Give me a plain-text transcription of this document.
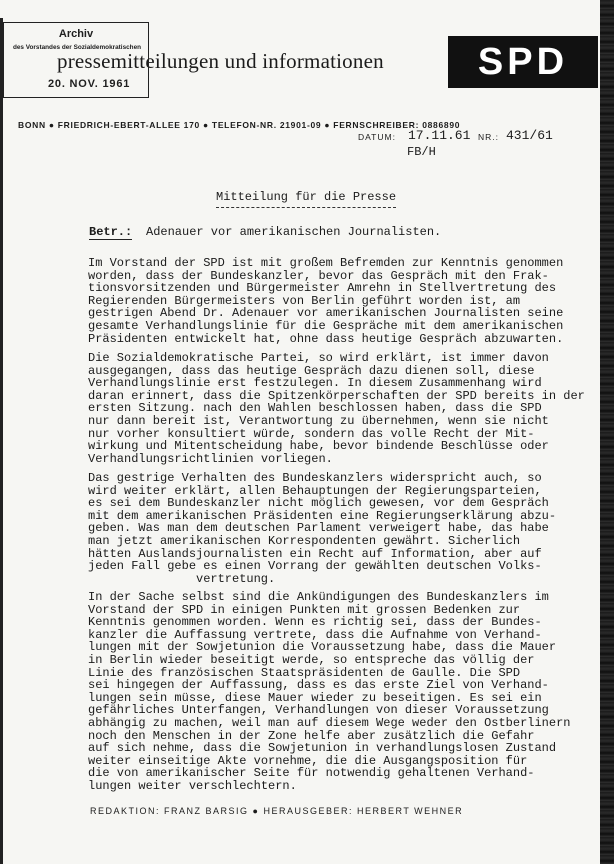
Archiv
des Vorstandes der Sozialdemokratischen
20. NOV. 1961
pressemitteilungen und informationen SPD
BONN ● FRIEDRICH-EBERT-ALLEE 170 ● TELEFON-NR. 21901-09 ● FERNSCHREIBER: 0886890
DATUM: 17.11.61 NR.: 431/61
FB/H
Mitteilung für die Presse
Betr.: Adenauer vor amerikanischen Journalisten.
Im Vorstand der SPD ist mit großem Befremden zur Kenntnis genommen
worden, dass der Bundeskanzler, bevor das Gespräch mit den Frak-
tionsvorsitzenden und Bürgermeister Amrehn in Stellvertretung des
Regierenden Bürgermeisters von Berlin geführt worden ist, am
gestrigen Abend Dr. Adenauer vor amerikanischen Journalisten seine
gesamte Verhandlungslinie für die Gespräche mit dem amerikanischen
Präsidenten entwickelt hat, ohne dass heutige Gespräch abzuwarten.
Die Sozialdemokratische Partei, so wird erklärt, ist immer davon
ausgegangen, dass das heutige Gespräch dazu dienen soll, diese
Verhandlungslinie erst festzulegen. In diesem Zusammenhang wird
daran erinnert, dass die Spitzenkörperschaften der SPD bereits in der
ersten Sitzung. nach den Wahlen beschlossen haben, dass die SPD
nur dann bereit ist, Verantwortung zu übernehmen, wenn sie nicht
nur vorher konsultiert würde, sondern das volle Recht der Mit-
wirkung und Mitentscheidung habe, bevor bindende Beschlüsse oder
Verhandlungsrichtlinien vorliegen.
Das gestrige Verhalten des Bundeskanzlers widerspricht auch, so
wird weiter erklärt, allen Behauptungen der Regierungsparteien,
es sei dem Bundeskanzler nicht möglich gewesen, vor dem Gespräch
mit dem amerikanischen Präsidenten eine Regierungserklärung abzu-
geben. Was man dem deutschen Parlament verweigert habe, das habe
man jetzt amerikanischen Korrespondenten gewährt. Sicherlich
hätten Auslandsjournalisten ein Recht auf Information, aber auf
jeden Fall gebe es einen Vorrang der gewählten deutschen Volks-
vertretung.
In der Sache selbst sind die Ankündigungen des Bundeskanzlers im
Vorstand der SPD in einigen Punkten mit grossen Bedenken zur
Kenntnis genommen worden. Wenn es richtig sei, dass der Bundes-
kanzler die Auffassung vertrete, dass die Aufnahme von Verhand-
lungen mit der Sowjetunion die Voraussetzung habe, dass die Mauer
in Berlin wieder beseitigt werde, so entspreche das völlig der
Linie des französischen Staatspräsidenten de Gaulle. Die SPD
sei hingegen der Auffassung, dass es das erste Ziel von Verhand-
lungen sein müsse, diese Mauer wieder zu beseitigen. Es sei ein
gefährliches Unterfangen, Verhandlungen von dieser Voraussetzung
abhängig zu machen, weil man auf diesem Wege weder den Ostberlinern
noch den Menschen in der Zone helfe aber zusätzlich die Gefahr
auf sich nehme, dass die Sowjetunion in verhandlungslosen Zustand
weiter einseitige Akte vornehme, die die Ausgangsposition für
die von amerikanischer Seite für notwendig gehaltenen Verhand-
lungen weiter verschlechtern.
REDAKTION: FRANZ BARSIG ● HERAUSGEBER: HERBERT WEHNER
